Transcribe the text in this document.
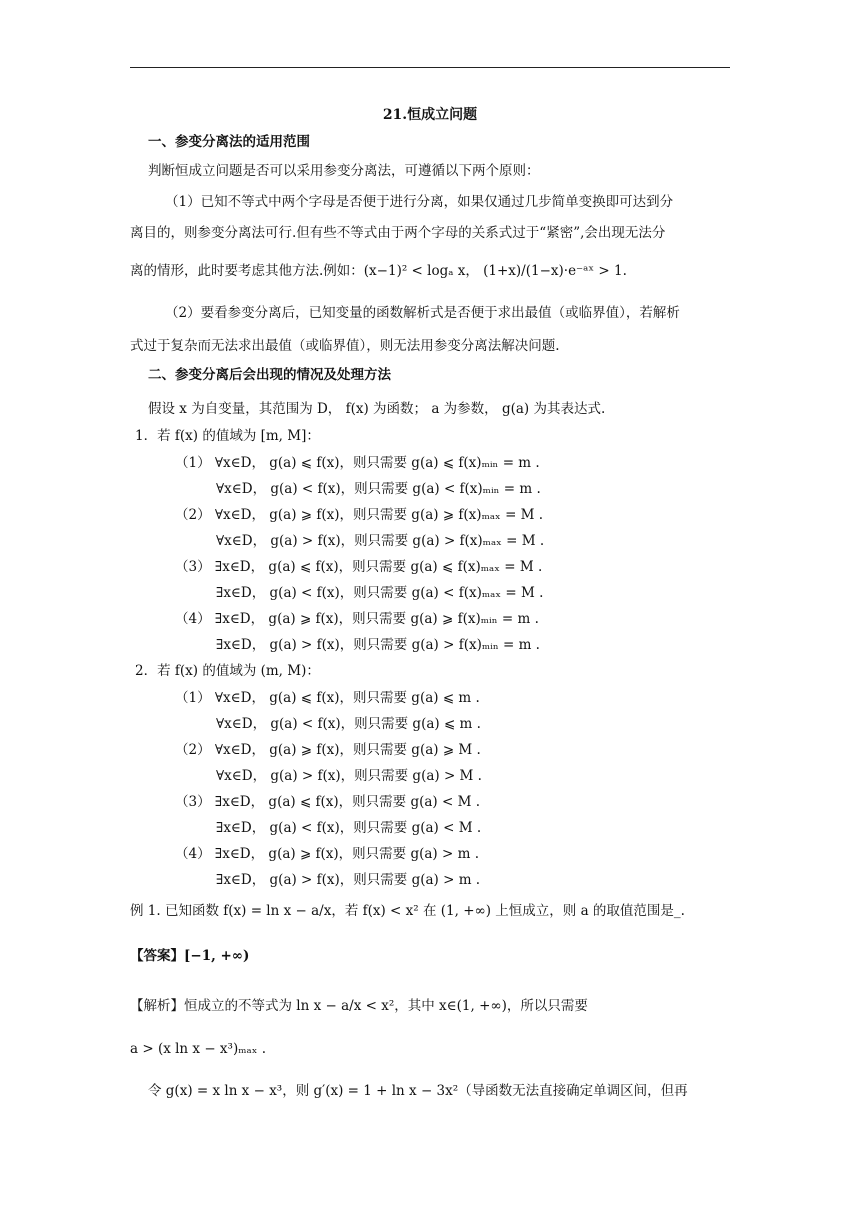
21.恒成立问题
一、参变分离法的适用范围
判断恒成立问题是否可以采用参变分离法，可遵循以下两个原则：
（1）已知不等式中两个字母是否便于进行分离，如果仅通过几步简单变换即可达到分
离目的，则参变分离法可行.但有些不等式由于两个字母的关系式过于“紧密”,会出现无法分
离的情形，此时要考虑其他方法.例如：(x−1)² < logₐ x， (1+x)/(1−x)·e⁻ᵃˣ > 1.
（2）要看参变分离后，已知变量的函数解析式是否便于求出最值（或临界值），若解析
式过于复杂而无法求出最值（或临界值），则无法用参变分离法解决问题.
二、参变分离后会出现的情况及处理方法
假设 x 为自变量，其范围为 D， f(x) 为函数； a 为参数， g(a) 为其表达式.
1．若 f(x) 的值域为 [m, M]：
（1） ∀x∈D， g(a) ⩽ f(x)，则只需要 g(a) ⩽ f(x)ₘᵢₙ = m .
∀x∈D， g(a) < f(x)，则只需要 g(a) < f(x)ₘᵢₙ = m .
（2） ∀x∈D， g(a) ⩾ f(x)，则只需要 g(a) ⩾ f(x)ₘₐₓ = M .
∀x∈D， g(a) > f(x)，则只需要 g(a) > f(x)ₘₐₓ = M .
（3） ∃x∈D， g(a) ⩽ f(x)，则只需要 g(a) ⩽ f(x)ₘₐₓ = M .
∃x∈D， g(a) < f(x)，则只需要 g(a) < f(x)ₘₐₓ = M .
（4） ∃x∈D， g(a) ⩾ f(x)，则只需要 g(a) ⩾ f(x)ₘᵢₙ = m .
∃x∈D， g(a) > f(x)，则只需要 g(a) > f(x)ₘᵢₙ = m .
2．若 f(x) 的值域为 (m, M)：
（1） ∀x∈D， g(a) ⩽ f(x)，则只需要 g(a) ⩽ m .
∀x∈D， g(a) < f(x)，则只需要 g(a) ⩽ m .
（2） ∀x∈D， g(a) ⩾ f(x)，则只需要 g(a) ⩾ M .
∀x∈D， g(a) > f(x)，则只需要 g(a) > M .
（3） ∃x∈D， g(a) ⩽ f(x)，则只需要 g(a) < M .
∃x∈D， g(a) < f(x)，则只需要 g(a) < M .
（4） ∃x∈D， g(a) ⩾ f(x)，则只需要 g(a) > m .
∃x∈D， g(a) > f(x)，则只需要 g(a) > m .
例 1. 已知函数 f(x) = ln x − a/x，若 f(x) < x² 在 (1, +∞) 上恒成立，则 a 的取值范围是_.
【答案】[−1, +∞)
【解析】恒成立的不等式为 ln x − a/x < x²，其中 x∈(1, +∞)，所以只需要
a > (x ln x − x³)ₘₐₓ .
令 g(x) = x ln x − x³，则 g′(x) = 1 + ln x − 3x²（导函数无法直接确定单调区间，但再
